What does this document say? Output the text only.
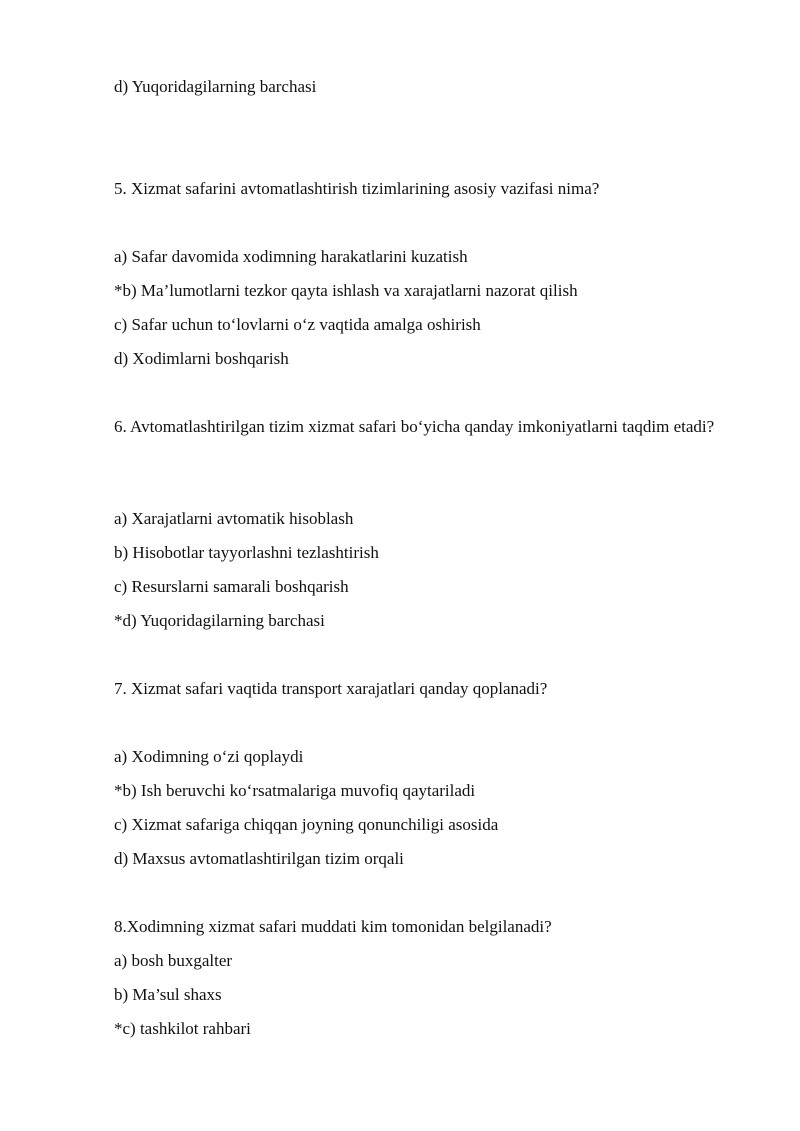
d) Yuqoridagilarning barchasi
5. Xizmat safarini avtomatlashtirish tizimlarining asosiy vazifasi nima?
a) Safar davomida xodimning harakatlarini kuzatish
*b) Ma’lumotlarni tezkor qayta ishlash va xarajatlarni nazorat qilish
c) Safar uchun to‘lovlarni o‘z vaqtida amalga oshirish
d) Xodimlarni boshqarish
6. Avtomatlashtirilgan tizim xizmat safari bo‘yicha qanday imkoniyatlarni taqdim etadi?
a) Xarajatlarni avtomatik hisoblash
b) Hisobotlar tayyorlashni tezlashtirish
c) Resurslarni samarali boshqarish
*d) Yuqoridagilarning barchasi
7. Xizmat safari vaqtida transport xarajatlari qanday qoplanadi?
a) Xodimning o‘zi qoplaydi
*b) Ish beruvchi ko‘rsatmalariga muvofiq qaytariladi
c) Xizmat safariga chiqqan joyning qonunchiligi asosida
d) Maxsus avtomatlashtirilgan tizim orqali
8.Xodimning xizmat safari muddati kim tomonidan belgilanadi?
a) bosh buxgalter
b) Ma’sul shaxs
*c) tashkilot rahbari
